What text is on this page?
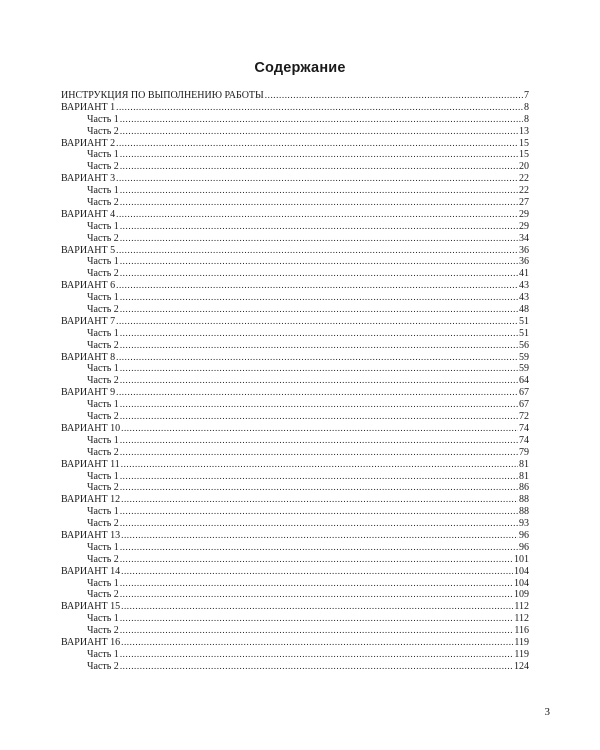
Содержание
ИНСТРУКЦИЯ ПО ВЫПОЛНЕНИЮ РАБОТЫ .....	7
ВАРИАНТ 1 .....	8
Часть 1 .....	8
Часть 2 .....	13
ВАРИАНТ 2 .....	15
Часть 1 .....	15
Часть 2 .....	20
ВАРИАНТ 3 .....	22
Часть 1 .....	22
Часть 2 .....	27
ВАРИАНТ 4 .....	29
Часть 1 .....	29
Часть 2 .....	34
ВАРИАНТ 5 .....	36
Часть 1 .....	36
Часть 2 .....	41
ВАРИАНТ 6 .....	43
Часть 1 .....	43
Часть 2 .....	48
ВАРИАНТ 7 .....	51
Часть 1 .....	51
Часть 2 .....	56
ВАРИАНТ 8 .....	59
Часть 1 .....	59
Часть 2 .....	64
ВАРИАНТ 9 .....	67
Часть 1 .....	67
Часть 2 .....	72
ВАРИАНТ 10 .....	74
Часть 1 .....	74
Часть 2 .....	79
ВАРИАНТ 11 .....	81
Часть 1 .....	81
Часть 2 .....	86
ВАРИАНТ 12 .....	88
Часть 1 .....	88
Часть 2 .....	93
ВАРИАНТ 13 .....	96
Часть 1 .....	96
Часть 2 .....	101
ВАРИАНТ 14 .....	104
Часть 1 .....	104
Часть 2 .....	109
ВАРИАНТ 15 .....	112
Часть 1 .....	112
Часть 2 .....	116
ВАРИАНТ 16 .....	119
Часть 1 .....	119
Часть 2 .....	124
3
